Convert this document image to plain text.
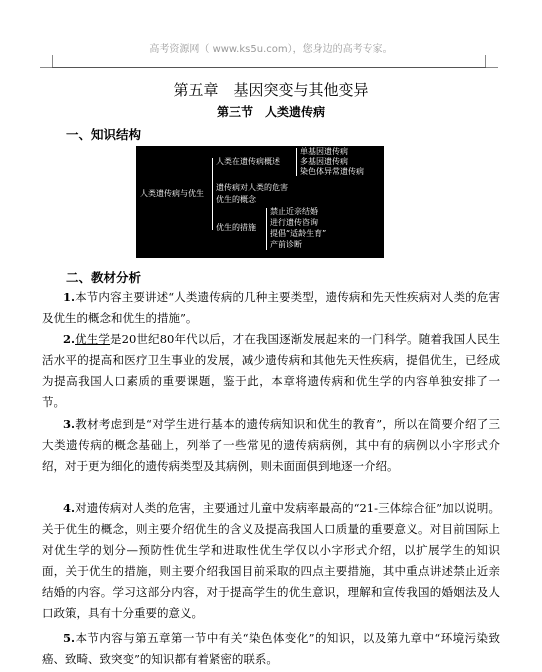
高考资源网（ www.ks5u.com），您身边的高考专家。
第五章　基因突变与其他变异
第三节　人类遗传病
一、知识结构
人类遗传病与优生
人类在遗传病概述
单基因遗传病
多基因遗传病
染色体异常遗传病
遗传病对人类的危害
优生的概念
优生的措施
禁止近亲结婚
进行遗传咨询
提倡“适龄生育”
产前诊断
二、教材分析

1.本节内容主要讲述“人类遗传病的几种主要类型，遗传病和先天性疾病对人类的危害及优生的概念和优生的措施”。

2.优生学是20世纪80年代以后，才在我国逐渐发展起来的一门科学。随着我国人民生活水平的提高和医疗卫生事业的发展，减少遗传病和其他先天性疾病，提倡优生，已经成为提高我国人口素质的重要课题，鉴于此，本章将遗传病和优生学的内容单独安排了一节。

3.教材考虑到是“对学生进行基本的遗传病知识和优生的教育”，所以在简要介绍了三大类遗传病的概念基础上，列举了一些常见的遗传病病例，其中有的病例以小字形式介绍，对于更为细化的遗传病类型及其病例，则未面面俱到地逐一介绍。

4.对遗传病对人类的危害，主要通过儿童中发病率最高的“21-三体综合征”加以说明。关于优生的概念，则主要介绍优生的含义及提高我国人口质量的重要意义。对目前国际上对优生学的划分—预防性优生学和进取性优生学仅以小字形式介绍，以扩展学生的知识面，关于优生的措施，则主要介绍我国目前采取的四点主要措施，其中重点讲述禁止近亲结婚的内容。学习这部分内容，对于提高学生的优生意识，理解和宣传我国的婚姻法及人口政策，具有十分重要的意义。

5.本节内容与第五章第一节中有关“染色体变化”的知识，以及第九章中“环境污染致癌、致畸、致突变”的知识都有着紧密的联系。
